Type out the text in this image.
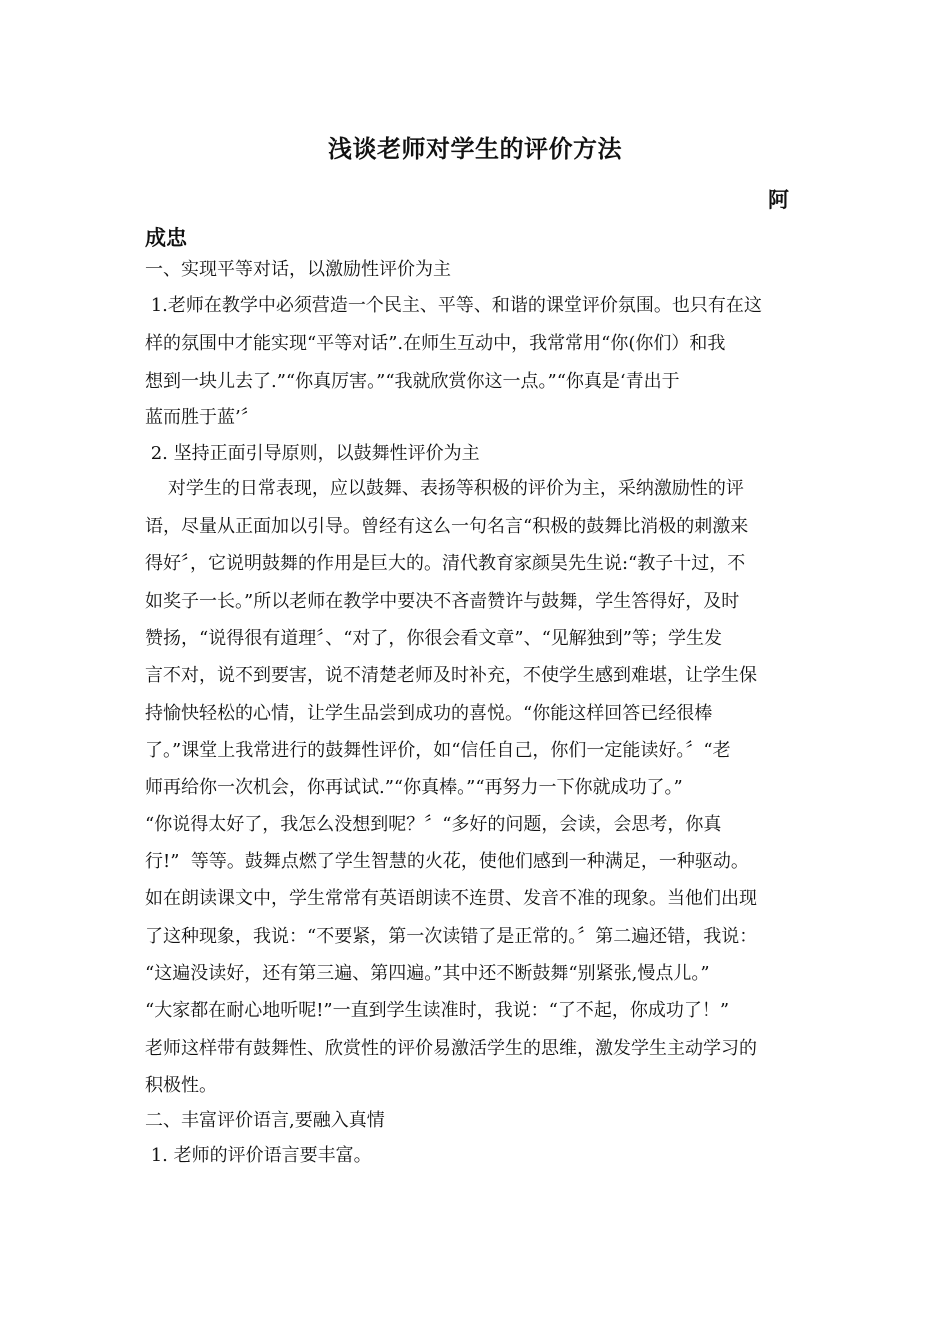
浅谈老师对学生的评价方法
阿
成忠
一、实现平等对话，以激励性评价为主
1.老师在教学中必须营造一个民主、平等、和谐的课堂评价氛围。也只有在这
样的氛围中才能实现“平等对话”.在师生互动中，我常常用“你(你们）和我
想到一块儿去了.”“你真厉害。”“我就欣赏你这一点。”“你真是‘青出于
蓝而胜于蓝’〞
2. 坚持正面引导原则，以鼓舞性评价为主
对学生的日常表现，应以鼓舞、表扬等积极的评价为主，采纳激励性的评
语，尽量从正面加以引导。曾经有这么一句名言“积极的鼓舞比消极的刺激来
得好〞，它说明鼓舞的作用是巨大的。清代教育家颜昊先生说:“教子十过，不
如奖子一长。”所以老师在教学中要决不吝啬赞许与鼓舞，学生答得好，及时
赞扬，“说得很有道理〞、“对了，你很会看文章”、“见解独到”等；学生发
言不对，说不到要害，说不清楚老师及时补充，不使学生感到难堪，让学生保
持愉快轻松的心情，让学生品尝到成功的喜悦。“你能这样回答已经很棒
了。”课堂上我常进行的鼓舞性评价，如“信任自己，你们一定能读好。〞“老
师再给你一次机会，你再试试.”“你真棒。”“再努力一下你就成功了。”
“你说得太好了，我怎么没想到呢？〞“多好的问题，会读，会思考，你真
行!”  等等。鼓舞点燃了学生智慧的火花，使他们感到一种满足，一种驱动。
如在朗读课文中，学生常常有英语朗读不连贯、发音不准的现象。当他们出现
了这种现象，我说：“不要紧，第一次读错了是正常的。〞第二遍还错，我说：
“这遍没读好，还有第三遍、第四遍。”其中还不断鼓舞“别紧张,慢点儿。”
“大家都在耐心地听呢!”一直到学生读准时，我说：“了不起，你成功了！”
老师这样带有鼓舞性、欣赏性的评价易激活学生的思维，激发学生主动学习的
积极性。
二、丰富评价语言,要融入真情
1. 老师的评价语言要丰富。
